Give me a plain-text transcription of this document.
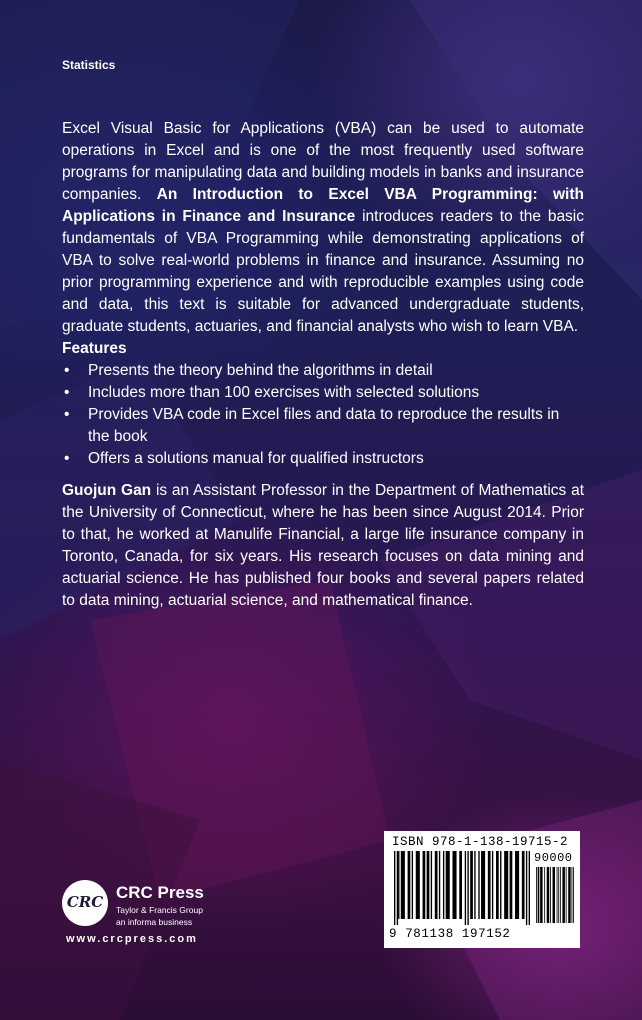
Statistics

Excel Visual Basic for Applications (VBA) can be used to automate operations in Excel and is one of the most frequently used software programs for manipulating data and building models in banks and insurance companies. An Introduction to Excel VBA Programming: with Applications in Finance and Insurance introduces readers to the basic fundamentals of VBA Programming while demonstrating applications of VBA to solve real-world problems in finance and insurance. Assuming no prior programming experience and with reproducible examples using code and data, this text is suitable for advanced undergraduate students, graduate students, actuaries, and financial analysts who wish to learn VBA.

Features

• Presents the theory behind the algorithms in detail
• Includes more than 100 exercises with selected solutions
• Provides VBA code in Excel files and data to reproduce the results in the book
• Offers a solutions manual for qualified instructors

Guojun Gan is an Assistant Professor in the Department of Mathematics at the University of Connecticut, where he has been since August 2014. Prior to that, he worked at Manulife Financial, a large life insurance company in Toronto, Canada, for six years. His research focuses on data mining and actuarial science. He has published four books and several papers related to data mining, actuarial science, and mathematical finance.

CRC CRC Press
Taylor & Francis Group
an informa business
www.crcpress.com
ISBN 978-1-138-19715-2
90000
9 781138 197152
